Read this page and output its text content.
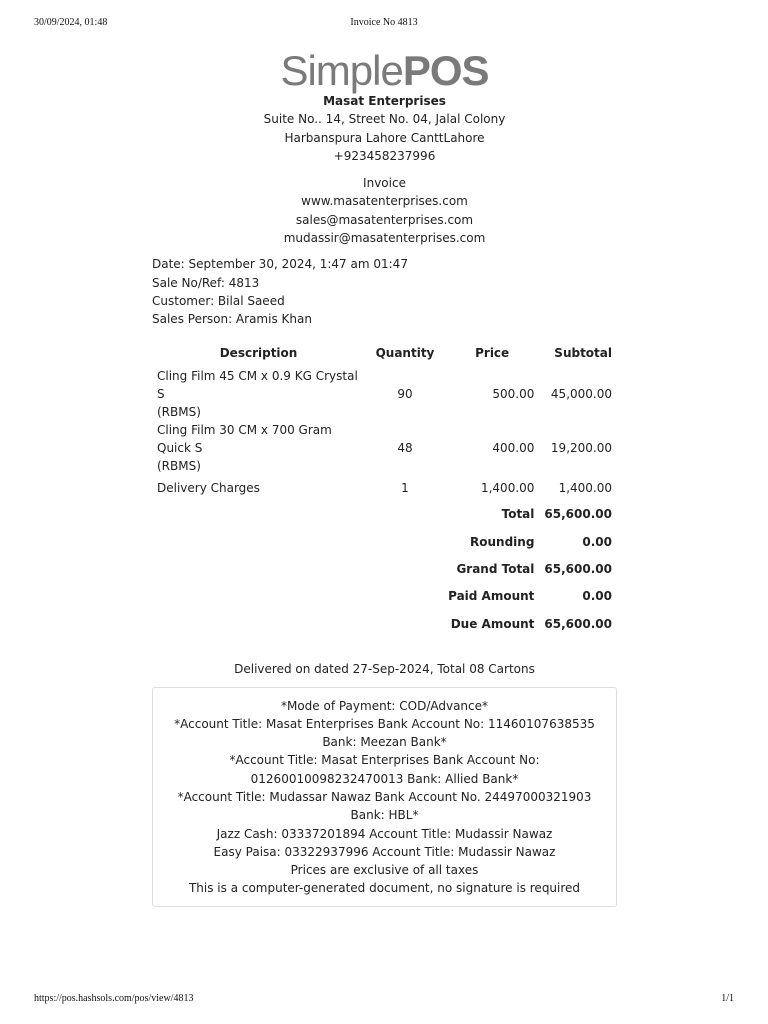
30/09/2024, 01:48	Invoice No 4813
SimplePOS
Masat Enterprises
Suite No.. 14, Street No. 04, Jalal Colony
Harbanspura Lahore CanttLahore
+923458237996
Invoice
www.masatenterprises.com
sales@masatenterprises.com
mudassir@masatenterprises.com
Date: September 30, 2024, 1:47 am 01:47
Sale No/Ref: 4813
Customer: Bilal Saeed
Sales Person: Aramis Khan
Description	Quantity	Price	Subtotal
Cling Film 45 CM x 0.9 KG Crystal S
(RBMS)	90	500.00	45,000.00
Cling Film 30 CM x 700 Gram Quick S
(RBMS)	48	400.00	19,200.00
Delivery Charges	1	1,400.00	1,400.00
Total			65,600.00
Rounding			0.00
Grand Total			65,600.00
Paid Amount			0.00
Due Amount			65,600.00
Delivered on dated 27-Sep-2024, Total 08 Cartons
*Mode of Payment: COD/Advance*
*Account Title: Masat Enterprises Bank Account No: 11460107638535 Bank: Meezan Bank*
*Account Title: Masat Enterprises Bank Account No: 01260010098232470013 Bank: Allied Bank*
*Account Title: Mudassar Nawaz Bank Account No. 24497000321903 Bank: HBL*
Jazz Cash: 03337201894 Account Title: Mudassir Nawaz
Easy Paisa: 03322937996 Account Title: Mudassir Nawaz
Prices are exclusive of all taxes
This is a computer-generated document, no signature is required
https://pos.hashsols.com/pos/view/4813	1/1
